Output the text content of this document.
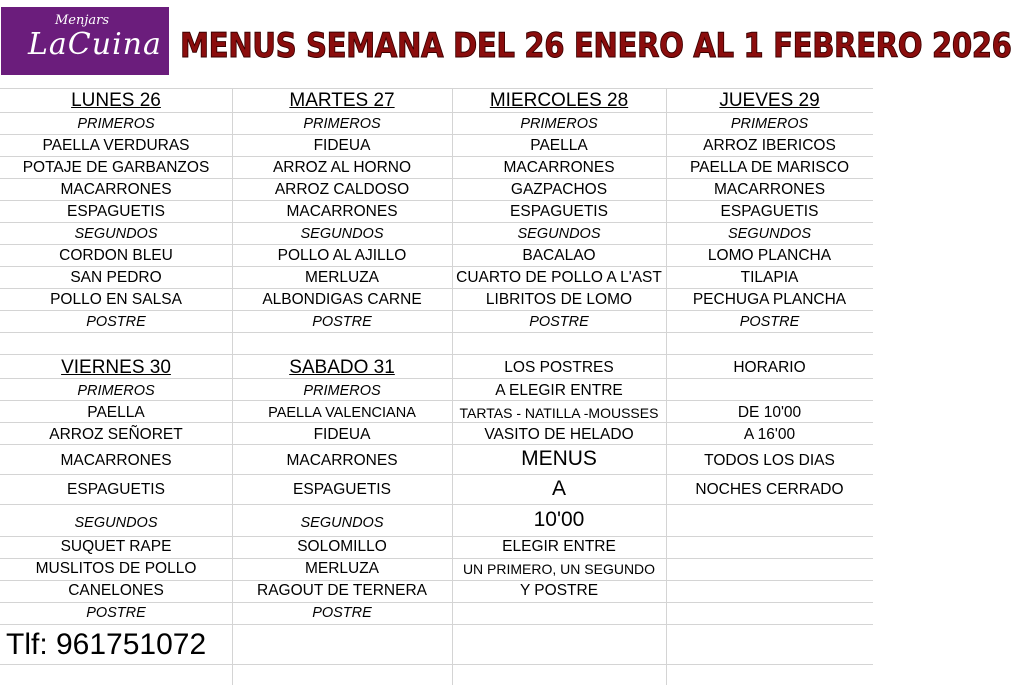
Menjars
LaCuina MENUS SEMANA DEL 26 ENERO AL 1 FEBRERO 2026
LUNES 26
PRIMEROS
PAELLA VERDURAS
POTAJE DE GARBANZOS
MACARRONES
ESPAGUETIS
SEGUNDOS
CORDON BLEU
SAN PEDRO
POLLO EN SALSA
POSTRE
MARTES 27
PRIMEROS
FIDEUA
ARROZ AL HORNO
ARROZ CALDOSO
MACARRONES
SEGUNDOS
POLLO AL AJILLO
MERLUZA
ALBONDIGAS CARNE
POSTRE
MIERCOLES 28
PRIMEROS
PAELLA
MACARRONES
GAZPACHOS
ESPAGUETIS
SEGUNDOS
BACALAO
CUARTO DE POLLO A L'AST
LIBRITOS DE LOMO
POSTRE
JUEVES 29
PRIMEROS
ARROZ IBERICOS
PAELLA DE MARISCO
MACARRONES
ESPAGUETIS
SEGUNDOS
LOMO PLANCHA
TILAPIA
PECHUGA PLANCHA
POSTRE
VIERNES 30
PRIMEROS
PAELLA
ARROZ SEÑORET
MACARRONES
ESPAGUETIS
SEGUNDOS
SUQUET RAPE
MUSLITOS DE POLLO
CANELONES
POSTRE
SABADO 31
PRIMEROS
PAELLA VALENCIANA
FIDEUA
MACARRONES
ESPAGUETIS
SEGUNDOS
SOLOMILLO
MERLUZA
RAGOUT DE TERNERA
POSTRE
LOS POSTRES
A ELEGIR ENTRE
TARTAS - NATILLA -MOUSSES
VASITO DE HELADO
MENUS
A
10'00
ELEGIR ENTRE
UN PRIMERO, UN SEGUNDO
Y POSTRE
HORARIO
DE 10'00
A 16'00
TODOS LOS DIAS
NOCHES CERRADO
Tlf: 961751072
